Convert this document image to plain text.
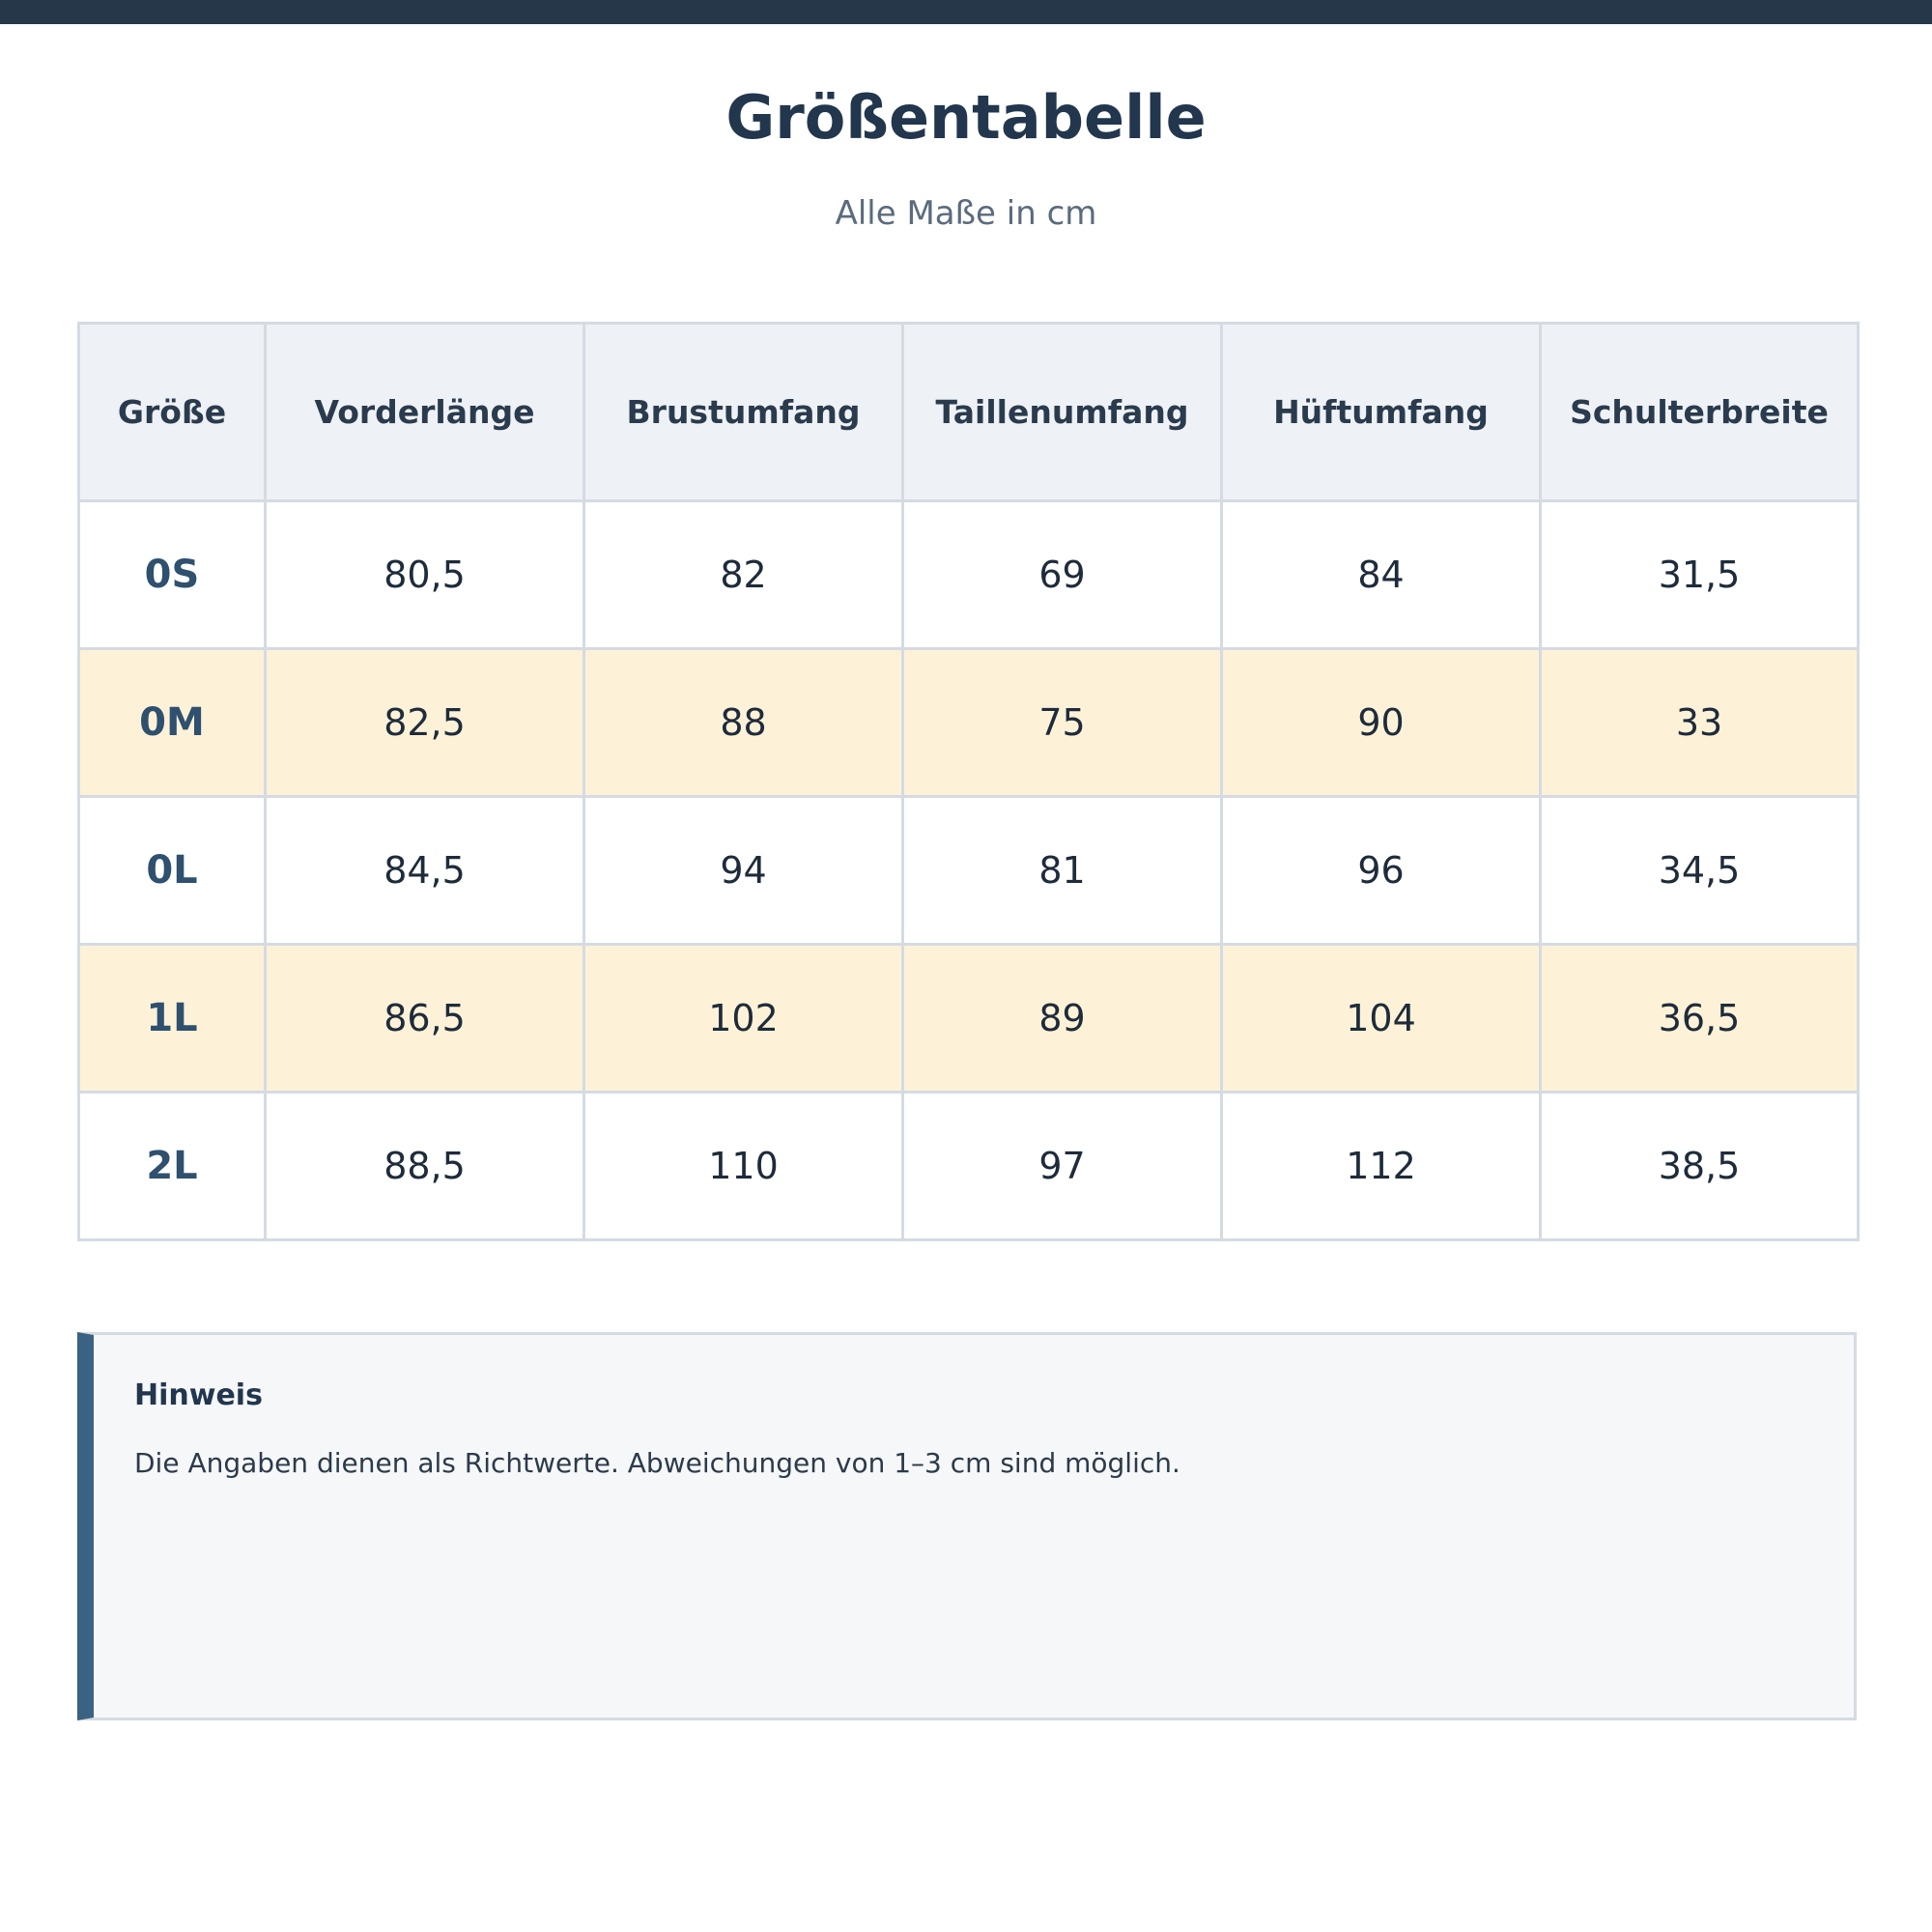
Größentabelle
Alle Maße in cm
Größe	Vorderlänge	Brustumfang	Taillenumfang	Hüftumfang	Schulterbreite
0S	80,5	82	69	84	31,5
0M	82,5	88	75	90	33
0L	84,5	94	81	96	34,5
1L	86,5	102	89	104	36,5
2L	88,5	110	97	112	38,5
Hinweis
Die Angaben dienen als Richtwerte. Abweichungen von 1–3 cm sind möglich.
